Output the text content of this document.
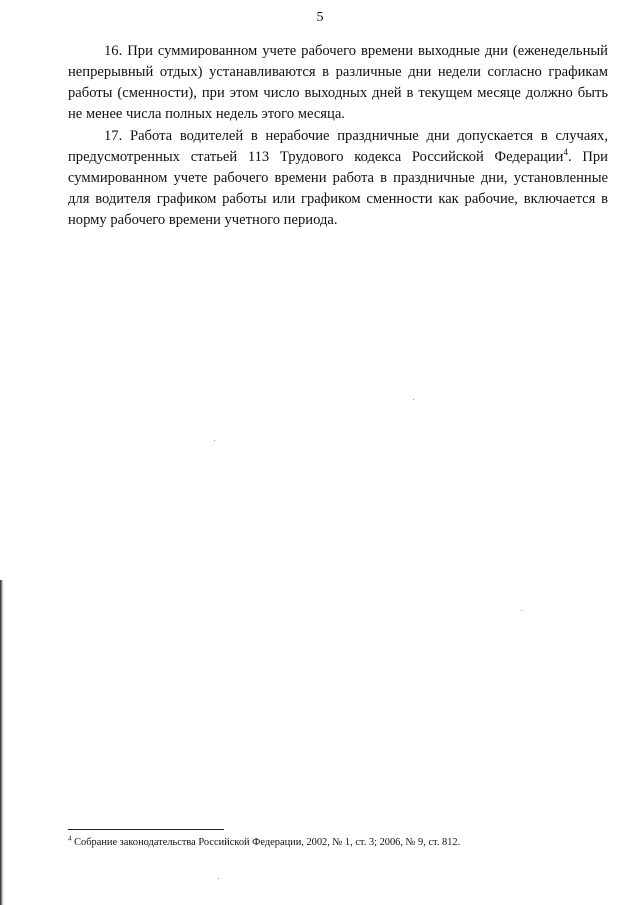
5

16. При суммированном учете рабочего времени выходные дни (еженедельный непрерывный отдых) устанавливаются в различные дни недели согласно графикам работы (сменности), при этом число выходных дней в текущем месяце должно быть не менее числа полных недель этого месяца.

17. Работа водителей в нерабочие праздничные дни допускается в случаях, предусмотренных статьей 113 Трудового кодекса Российской Федерации$^4$. При суммированном учете рабочего времени работа в праздничные дни, установленные для водителя графиком работы или графиком сменности как рабочие, включается в норму рабочего времени учетного периода.

$^4$ Собрание законодательства Российской Федерации, 2002, № 1, ст. 3; 2006, № 9, ст. 812.
